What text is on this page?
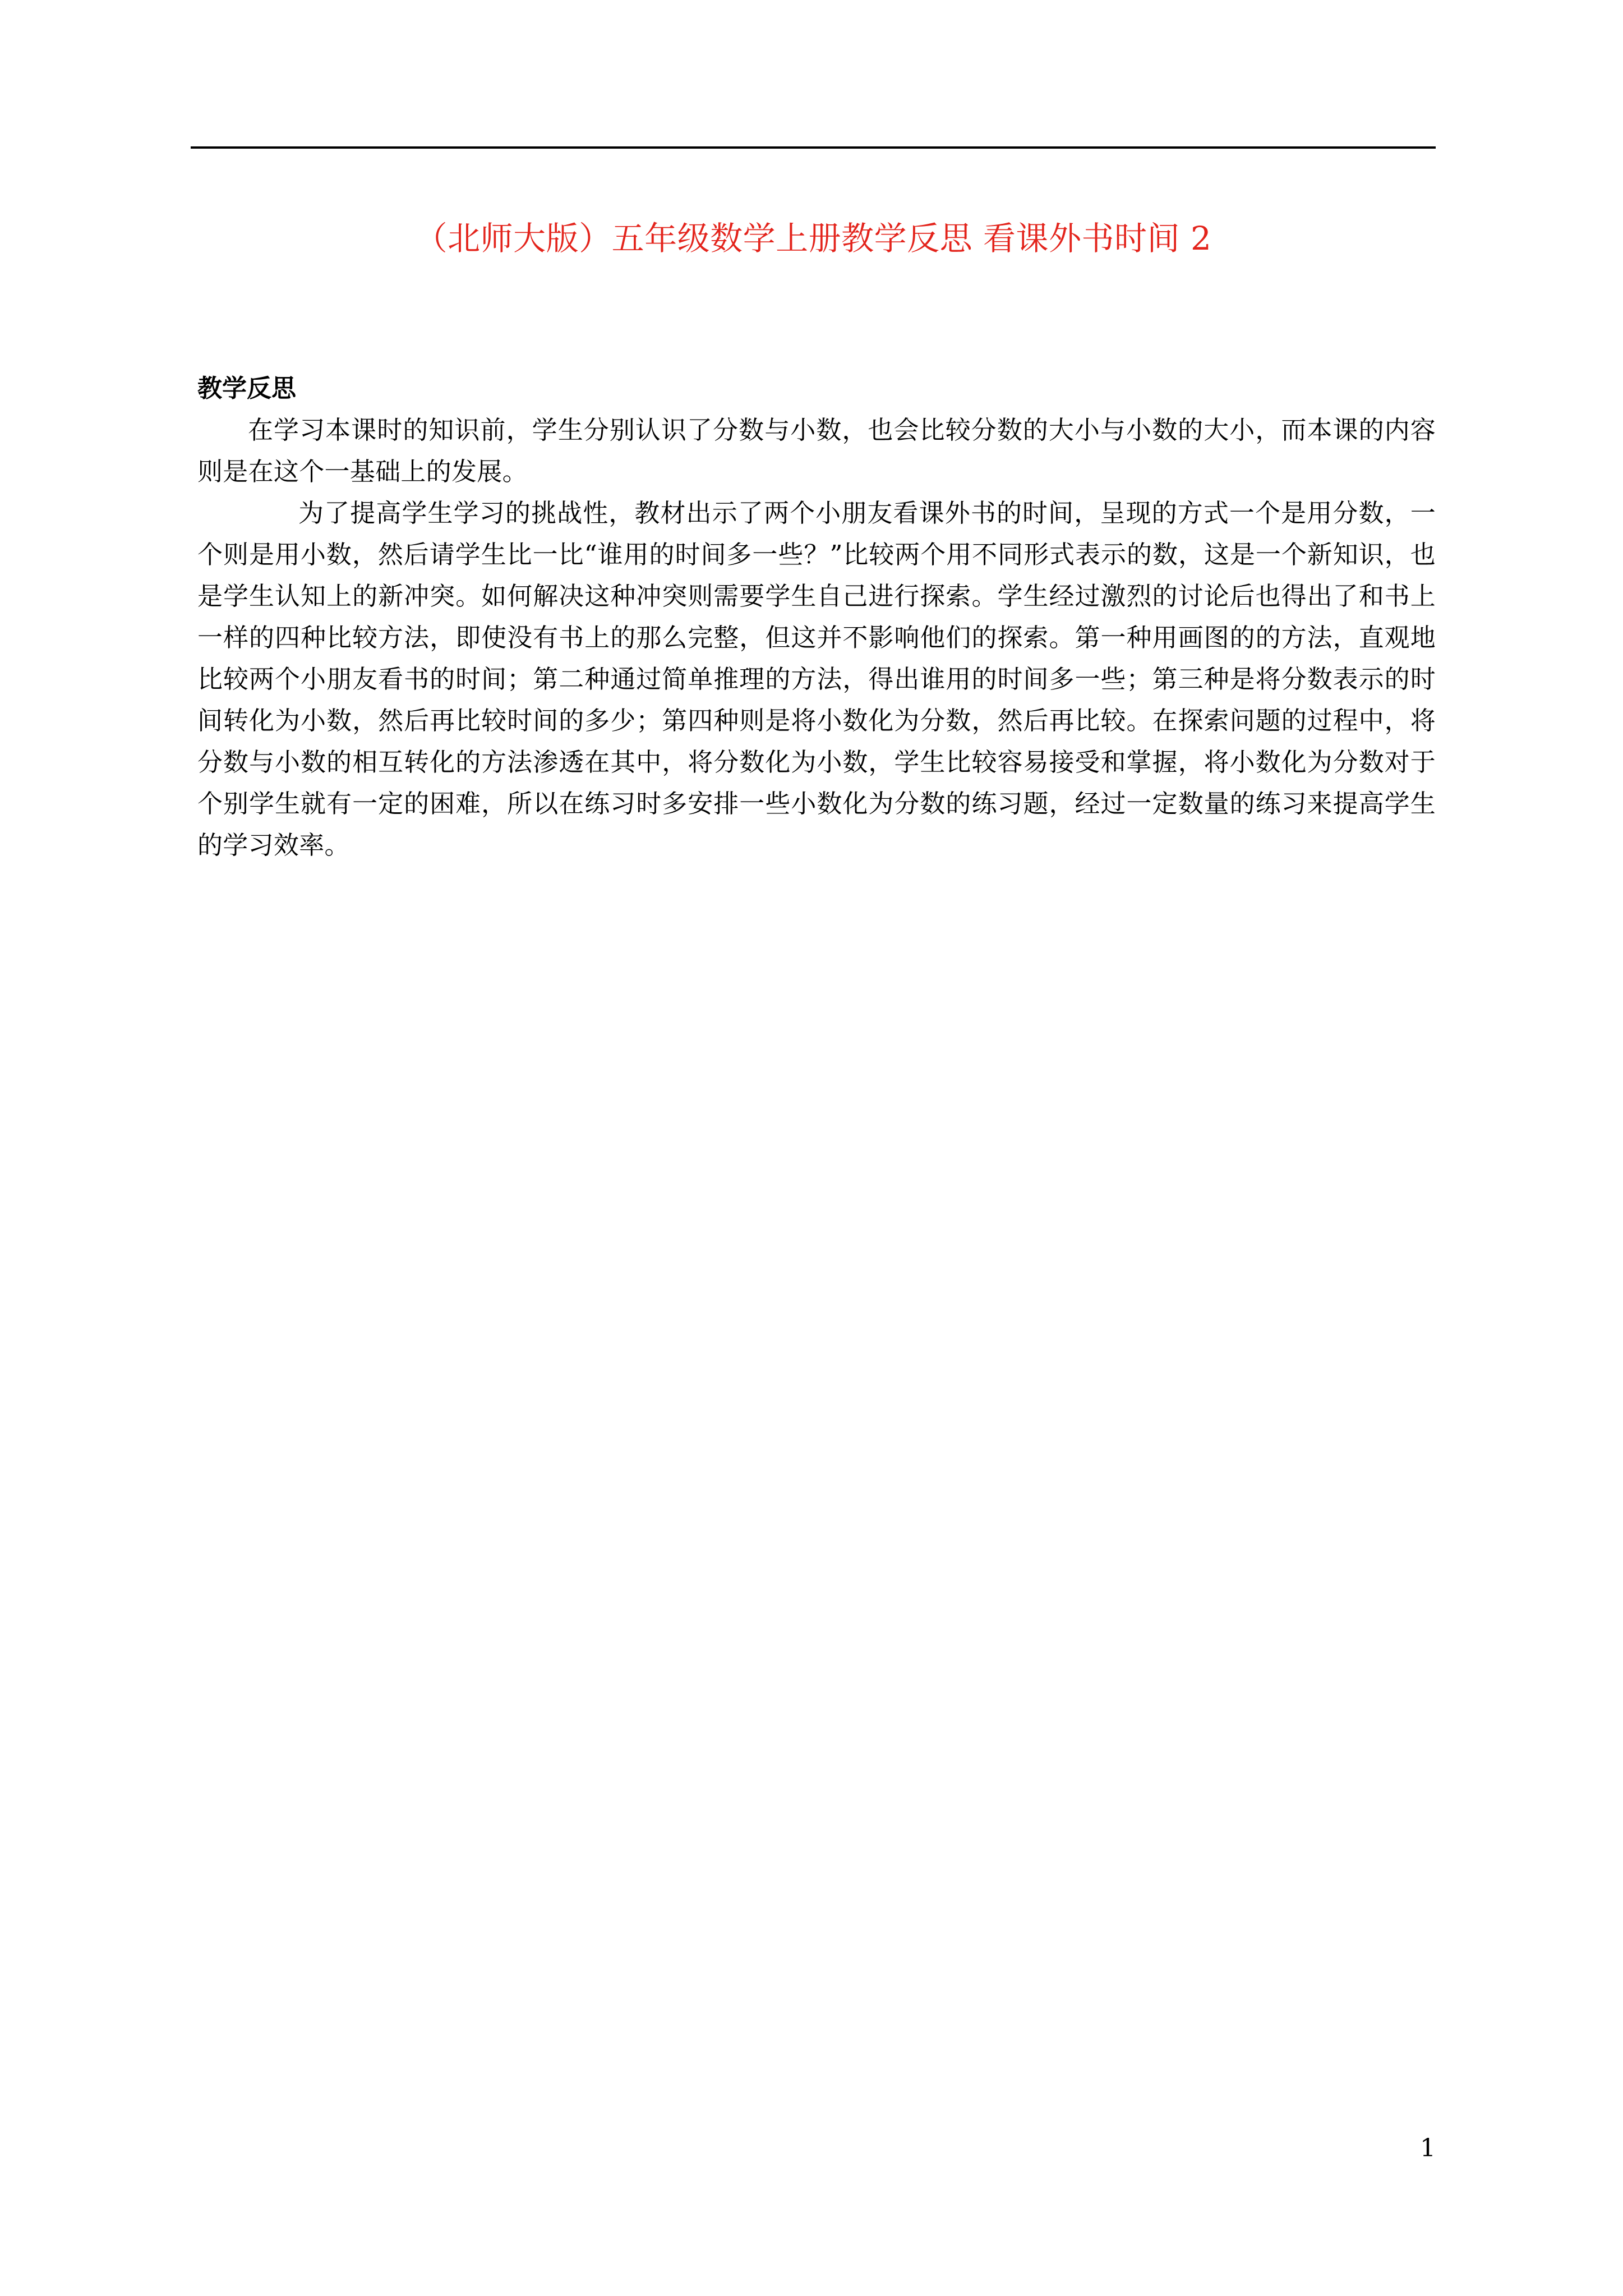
（北师大版）五年级数学上册教学反思 看课外书时间 2

教学反思

在学习本课时的知识前，学生分别认识了分数与小数，也会比较分数的大小与小数的大小，而本课的内容则是在这个一基础上的发展。

为了提高学生学习的挑战性，教材出示了两个小朋友看课外书的时间，呈现的方式一个是用分数，一个则是用小数，然后请学生比一比“谁用的时间多一些？”比较两个用不同形式表示的数，这是一个新知识，也是学生认知上的新冲突。如何解决这种冲突则需要学生自己进行探索。学生经过激烈的讨论后也得出了和书上一样的四种比较方法，即使没有书上的那么完整，但这并不影响他们的探索。第一种用画图的的方法，直观地比较两个小朋友看书的时间；第二种通过简单推理的方法，得出谁用的时间多一些；第三种是将分数表示的时间转化为小数，然后再比较时间的多少；第四种则是将小数化为分数，然后再比较。在探索问题的过程中，将分数与小数的相互转化的方法渗透在其中，将分数化为小数，学生比较容易接受和掌握，将小数化为分数对于个别学生就有一定的困难，所以在练习时多安排一些小数化为分数的练习题，经过一定数量的练习来提高学生的学习效率。

1
